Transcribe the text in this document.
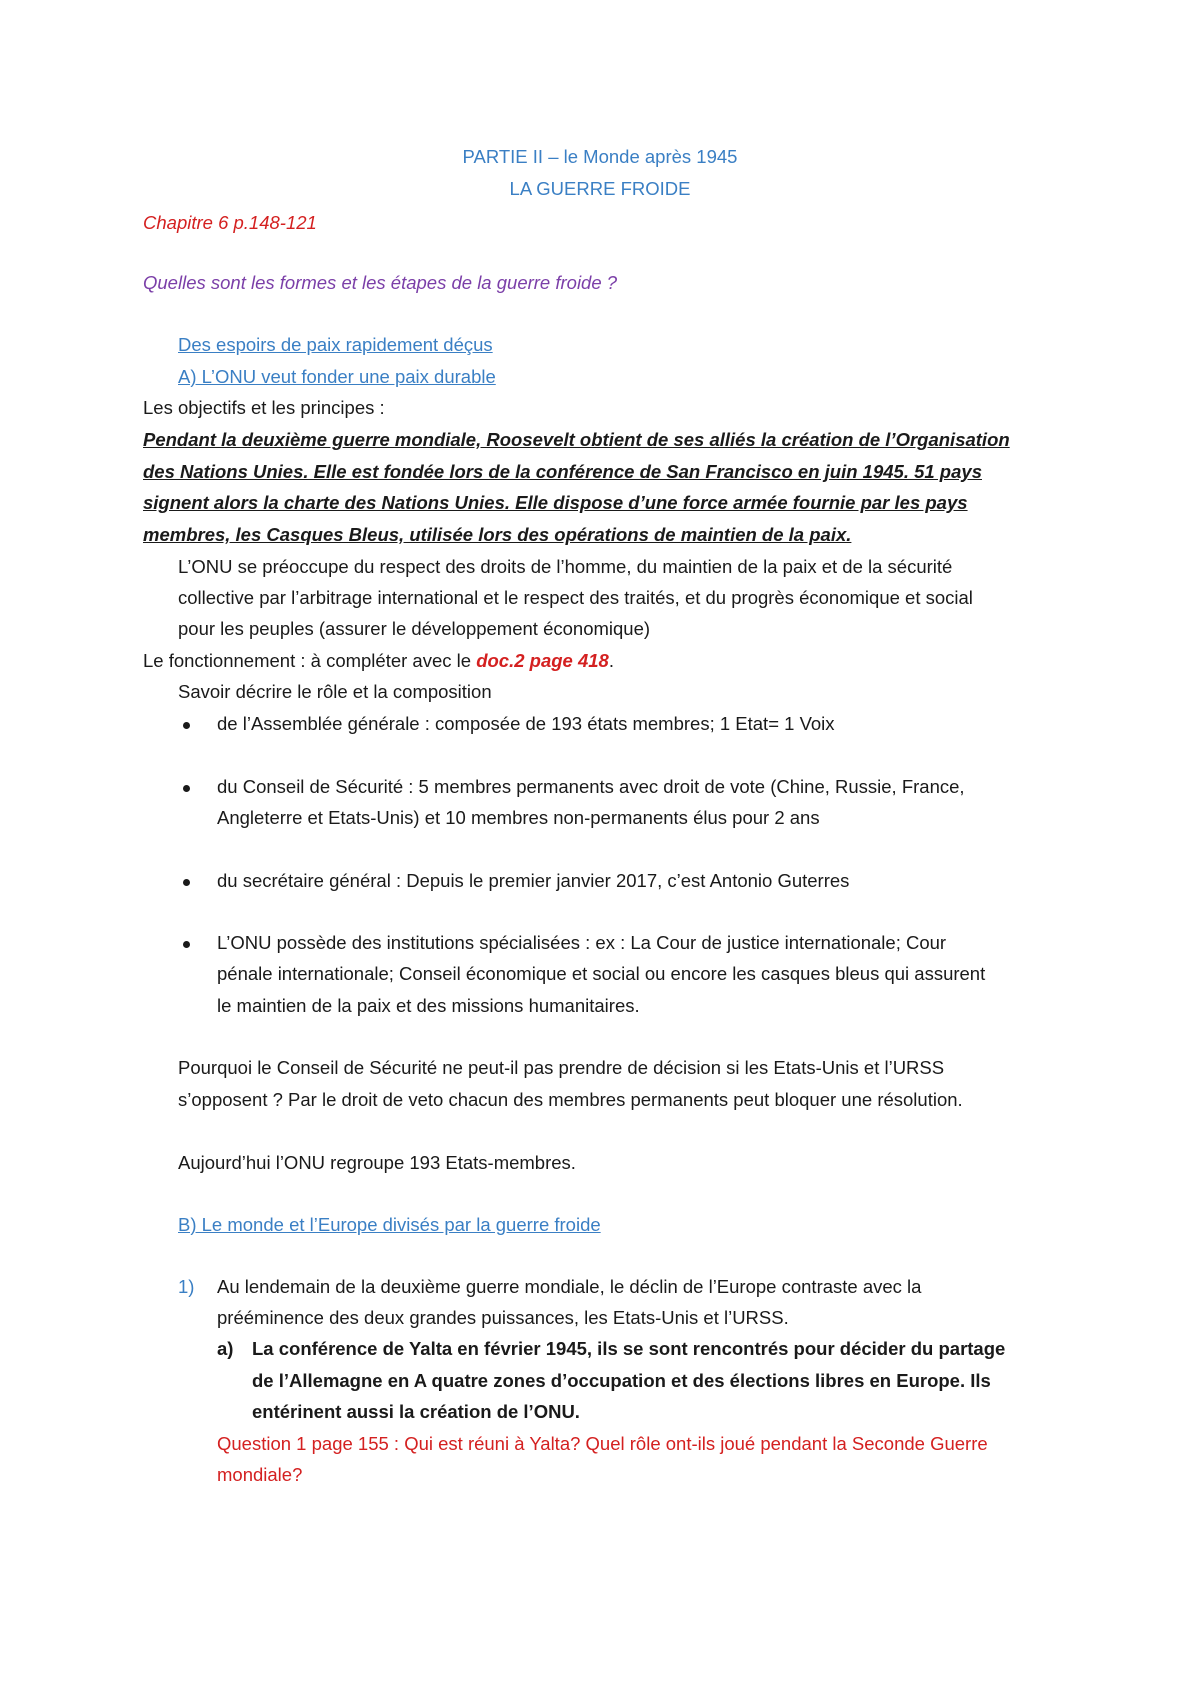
PARTIE II – le Monde après 1945
LA GUERRE FROIDE
Chapitre 6 p.148-121
Quelles sont les formes et les étapes de la guerre froide ?
Des espoirs de paix rapidement déçus
A) L’ONU veut fonder une paix durable
Les objectifs et les principes :
Pendant la deuxième guerre mondiale, Roosevelt obtient de ses alliés la création de l’Organisation
des Nations Unies. Elle est fondée lors de la conférence de San Francisco en juin 1945. 51 pays
signent alors la charte des Nations Unies. Elle dispose d’une force armée fournie par les pays
membres, les Casques Bleus, utilisée lors des opérations de maintien de la paix.
L’ONU se préoccupe du respect des droits de l’homme, du maintien de la paix et de la sécurité
collective par l’arbitrage international et le respect des traités, et du progrès économique et social
pour les peuples (assurer le développement économique)
Le fonctionnement : à compléter avec le doc.2 page 418.
Savoir décrire le rôle et la composition
de l’Assemblée générale : composée de 193 états membres; 1 Etat= 1 Voix
du Conseil de Sécurité : 5 membres permanents avec droit de vote (Chine, Russie, France,
Angleterre et Etats-Unis) et 10 membres non-permanents élus pour 2 ans
du secrétaire général : Depuis le premier janvier 2017, c’est Antonio Guterres
L’ONU possède des institutions spécialisées : ex : La Cour de justice internationale; Cour
pénale internationale; Conseil économique et social ou encore les casques bleus qui assurent
le maintien de la paix et des missions humanitaires.
Pourquoi le Conseil de Sécurité ne peut-il pas prendre de décision si les Etats-Unis et l’URSS
s’opposent ? Par le droit de veto chacun des membres permanents peut bloquer une résolution.
Aujourd’hui l’ONU regroupe 193 Etats-membres.
B) Le monde et l’Europe divisés par la guerre froide
1) Au lendemain de la deuxième guerre mondiale, le déclin de l’Europe contraste avec la
prééminence des deux grandes puissances, les Etats-Unis et l’URSS.
a) La conférence de Yalta en février 1945, ils se sont rencontrés pour décider du partage
de l’Allemagne en A quatre zones d’occupation et des élections libres en Europe. Ils
entérinent aussi la création de l’ONU.
Question 1 page 155 : Qui est réuni à Yalta? Quel rôle ont-ils joué pendant la Seconde Guerre
mondiale?
